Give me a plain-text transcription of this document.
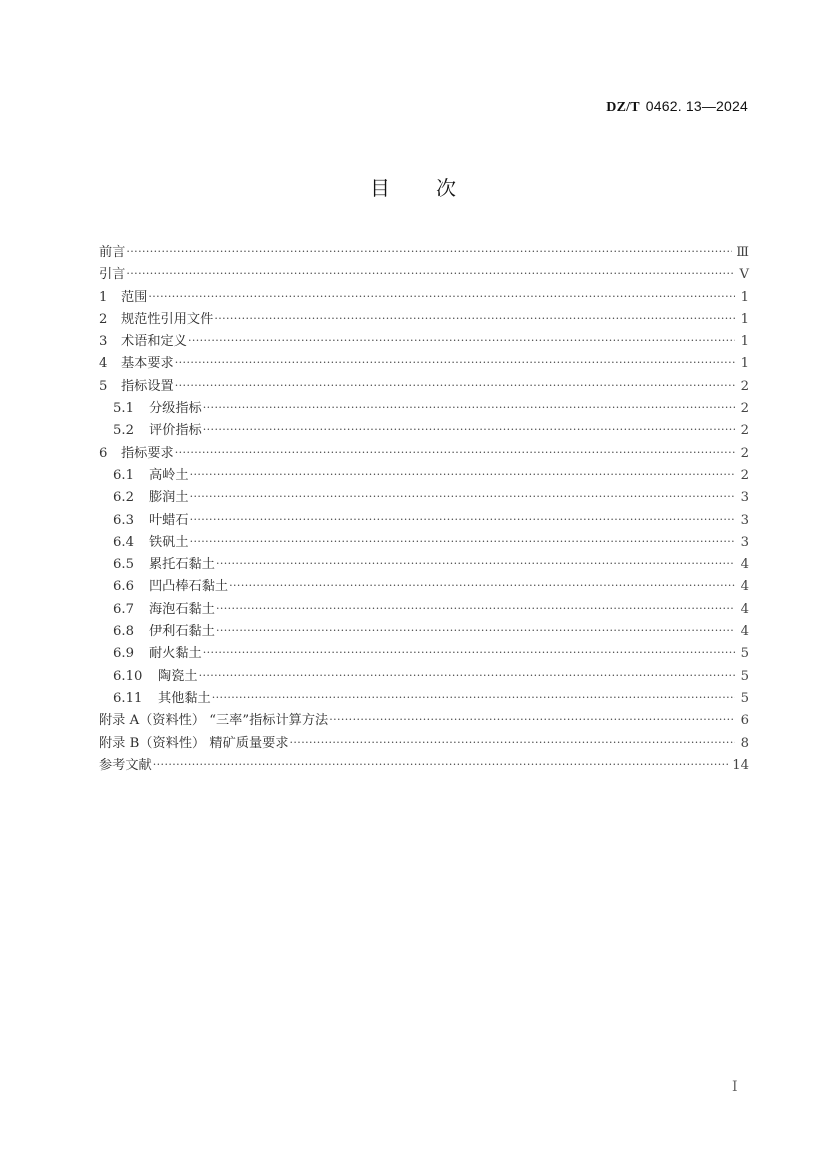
DZ/T 0462. 13—2024
目 次
前言 ·····	Ⅲ
引言 ·····	Ⅴ
1	范围 ·····	1
2	规范性引用文件 ·····	1
3	术语和定义 ·····	1
4	基本要求 ·····	1
5	指标设置 ·····	2
5.1	分级指标 ·····	2
5.2	评价指标 ·····	2
6	指标要求 ·····	2
6.1	高岭土 ·····	2
6.2	膨润土 ·····	3
6.3	叶蜡石 ·····	3
6.4	铁矾土 ·····	3
6.5	累托石黏土 ·····	4
6.6	凹凸棒石黏土 ·····	4
6.7	海泡石黏土 ·····	4
6.8	伊利石黏土 ·····	4
6.9	耐火黏土 ·····	5
6.10	陶瓷土 ·····	5
6.11	其他黏土 ·····	5
附录 A（资料性） “三率”指标计算方法 ·····	6
附录 B（资料性） 精矿质量要求 ·····	8
参考文献 ·····	14
I
